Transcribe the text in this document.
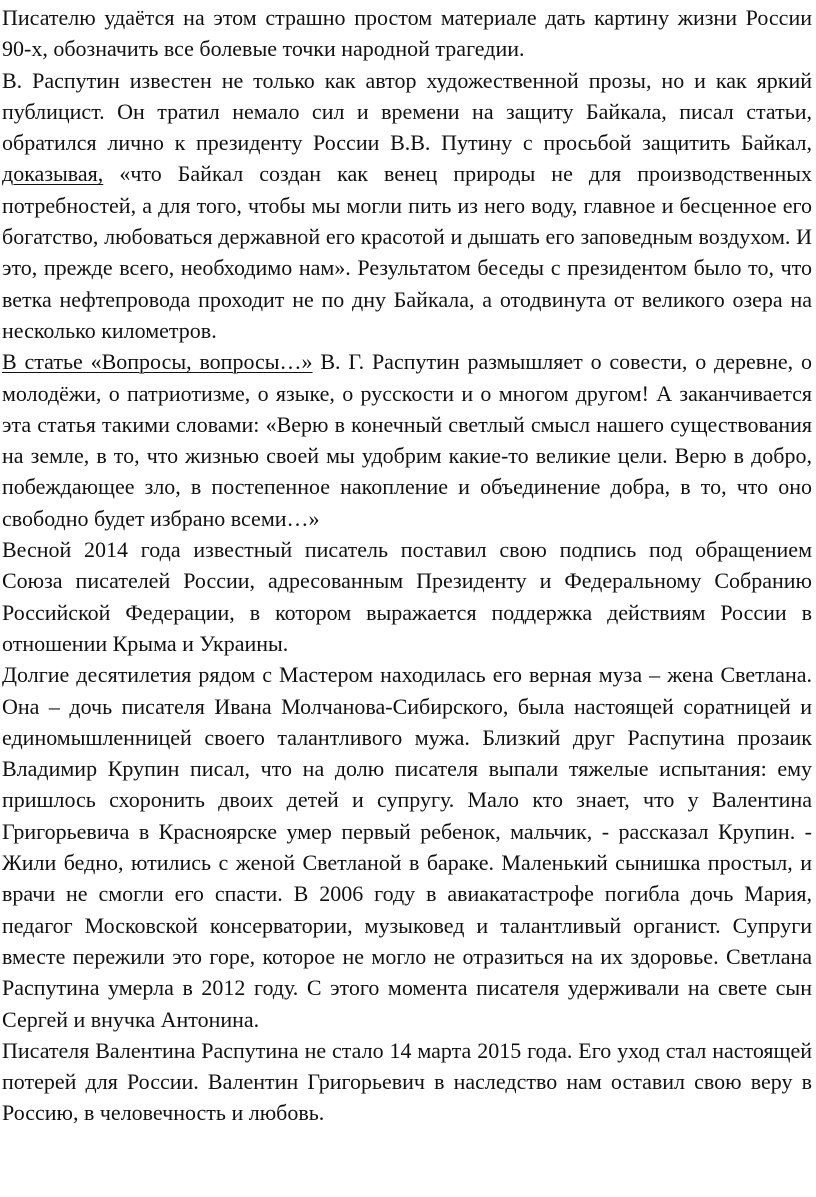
Писателю удаётся на этом страшно простом материале дать картину жизни России 90-х, обозначить все болевые точки народной трагедии.

В. Распутин известен не только как автор художественной прозы, но и как яркий публицист. Он тратил немало сил и времени на защиту Байкала, писал статьи, обратился лично к президенту России В.В. Путину с просьбой защитить Байкал, доказывая, «что Байкал создан как венец природы не для производственных потребностей, а для того, чтобы мы могли пить из него воду, главное и бесценное его богатство, любоваться державной его красотой и дышать его заповедным воздухом. И это, прежде всего, необходимо нам». Результатом беседы с президентом было то, что ветка нефтепровода проходит не по дну Байкала, а отодвинута от великого озера на несколько километров.

В статье «Вопросы, вопросы…» В. Г. Распутин размышляет о совести, о деревне, о молодёжи, о патриотизме, о языке, о русскости и о многом другом! А заканчивается эта статья такими словами: «Верю в конечный светлый смысл нашего существования на земле, в то, что жизнью своей мы удобрим какие-то великие цели. Верю в добро, побеждающее зло, в постепенное накопление и объединение добра, в то, что оно свободно будет избрано всеми…»

Весной 2014 года известный писатель поставил свою подпись под обращением Союза писателей России, адресованным Президенту и Федеральному Собранию Российской Федерации, в котором выражается поддержка действиям России в отношении Крыма и Украины.

Долгие десятилетия рядом с Мастером находилась его верная муза – жена Светлана. Она – дочь писателя Ивана Молчанова-Сибирского, была настоящей соратницей и единомышленницей своего талантливого мужа. Близкий друг Распутина прозаик Владимир Крупин писал, что на долю писателя выпали тяжелые испытания: ему пришлось схоронить двоих детей и супругу. Мало кто знает, что у Валентина Григорьевича в Красноярске умер первый ребенок, мальчик, - рассказал Крупин. - Жили бедно, ютились с женой Светланой в бараке. Маленький сынишка простыл, и врачи не смогли его спасти. В 2006 году в авиакатастрофе погибла дочь Мария, педагог Московской консерватории, музыковед и талантливый органист. Супруги вместе пережили это горе, которое не могло не отразиться на их здоровье. Светлана Распутина умерла в 2012 году. С этого момента писателя удерживали на свете сын Сергей и внучка Антонина.

Писателя Валентина Распутина не стало 14 марта 2015 года. Его уход стал настоящей потерей для России. Валентин Григорьевич в наследство нам оставил свою веру в Россию, в человечность и любовь.
